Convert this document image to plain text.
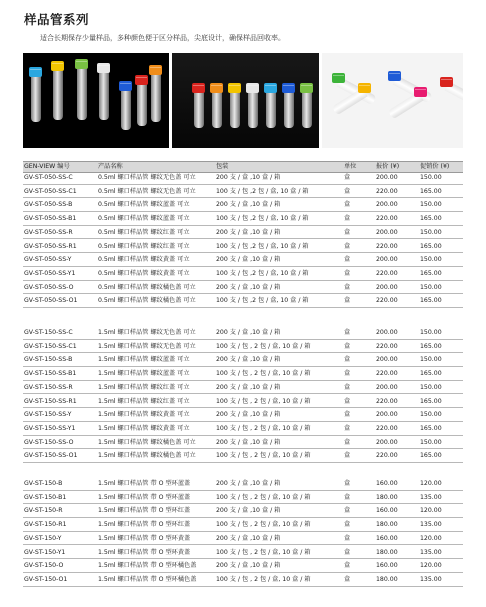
样品管系列
适合长期保存少量样品，多种颜色便于区分样品，尖底设计，确保样品回收率。
GEN-VIEW 编号	产品名称	包装	单位	报价 (¥)	促销价 (¥)
GV-ST-050-SS-C	0.5ml 螺口样品管 螺纹无色盖 可立	200 支 / 盒 ,10 盒 / 箱	盒	200.00	150.00
GV-ST-050-SS-C1	0.5ml 螺口样品管 螺纹无色盖 可立	100 支 / 包 ,2 包 / 盒, 10 盒 / 箱	盒	220.00	165.00
GV-ST-050-SS-B	0.5ml 螺口样品管 螺纹蓝盖 可立	200 支 / 盒 ,10 盒 / 箱	盒	200.00	150.00
GV-ST-050-SS-B1	0.5ml 螺口样品管 螺纹蓝盖 可立	100 支 / 包 ,2 包 / 盒, 10 盒 / 箱	盒	220.00	165.00
GV-ST-050-SS-R	0.5ml 螺口样品管 螺纹红盖 可立	200 支 / 盒 ,10 盒 / 箱	盒	200.00	150.00
GV-ST-050-SS-R1	0.5ml 螺口样品管 螺纹红盖 可立	100 支 / 包 ,2 包 / 盒, 10 盒 / 箱	盒	220.00	165.00
GV-ST-050-SS-Y	0.5ml 螺口样品管 螺纹黄盖 可立	200 支 / 盒 ,10 盒 / 箱	盒	200.00	150.00
GV-ST-050-SS-Y1	0.5ml 螺口样品管 螺纹黄盖 可立	100 支 / 包 ,2 包 / 盒, 10 盒 / 箱	盒	220.00	165.00
GV-ST-050-SS-O	0.5ml 螺口样品管 螺纹橘色盖 可立	200 支 / 盒 ,10 盒 / 箱	盒	200.00	150.00
GV-ST-050-SS-O1	0.5ml 螺口样品管 螺纹橘色盖 可立	100 支 / 包 ,2 包 / 盒, 10 盒 / 箱	盒	220.00	165.00
GV-ST-150-SS-C	1.5ml 螺口样品管 螺纹无色盖 可立	200 支 / 盒 ,10 盒 / 箱	盒	200.00	150.00
GV-ST-150-SS-C1	1.5ml 螺口样品管 螺纹无色盖 可立	100 支 / 包 , 2 包 / 盒, 10 盒 / 箱	盒	220.00	165.00
GV-ST-150-SS-B	1.5ml 螺口样品管 螺纹蓝盖 可立	200 支 / 盒 ,10 盒 / 箱	盒	200.00	150.00
GV-ST-150-SS-B1	1.5ml 螺口样品管 螺纹蓝盖 可立	100 支 / 包 , 2 包 / 盒, 10 盒 / 箱	盒	220.00	165.00
GV-ST-150-SS-R	1.5ml 螺口样品管 螺纹红盖 可立	200 支 / 盒 ,10 盒 / 箱	盒	200.00	150.00
GV-ST-150-SS-R1	1.5ml 螺口样品管 螺纹红盖 可立	100 支 / 包 , 2 包 / 盒, 10 盒 / 箱	盒	220.00	165.00
GV-ST-150-SS-Y	1.5ml 螺口样品管 螺纹黄盖 可立	200 支 / 盒 ,10 盒 / 箱	盒	200.00	150.00
GV-ST-150-SS-Y1	1.5ml 螺口样品管 螺纹黄盖 可立	100 支 / 包 , 2 包 / 盒, 10 盒 / 箱	盒	220.00	165.00
GV-ST-150-SS-O	1.5ml 螺口样品管 螺纹橘色盖 可立	200 支 / 盒 ,10 盒 / 箱	盒	200.00	150.00
GV-ST-150-SS-O1	1.5ml 螺口样品管 螺纹橘色盖 可立	100 支 / 包 , 2 包 / 盒, 10 盒 / 箱	盒	220.00	165.00
GV-ST-150-B	1.5ml 螺口样品管 带 O 型环蓝盖	200 支 / 盒 ,10 盒 / 箱	盒	160.00	120.00
GV-ST-150-B1	1.5ml 螺口样品管 带 O 型环蓝盖	100 支 / 包 , 2 包 / 盒, 10 盒 / 箱	盒	180.00	135.00
GV-ST-150-R	1.5ml 螺口样品管 带 O 型环红盖	200 支 / 盒 ,10 盒 / 箱	盒	160.00	120.00
GV-ST-150-R1	1.5ml 螺口样品管 带 O 型环红盖	100 支 / 包 , 2 包 / 盒, 10 盒 / 箱	盒	180.00	135.00
GV-ST-150-Y	1.5ml 螺口样品管 带 O 型环黄盖	200 支 / 盒 ,10 盒 / 箱	盒	160.00	120.00
GV-ST-150-Y1	1.5ml 螺口样品管 带 O 型环黄盖	100 支 / 包 , 2 包 / 盒, 10 盒 / 箱	盒	180.00	135.00
GV-ST-150-O	1.5ml 螺口样品管 带 O 型环橘色盖	200 支 / 盒 ,10 盒 / 箱	盒	160.00	120.00
GV-ST-150-O1	1.5ml 螺口样品管 带 O 型环橘色盖	100 支 / 包 , 2 包 / 盒, 10 盒 / 箱	盒	180.00	135.00
